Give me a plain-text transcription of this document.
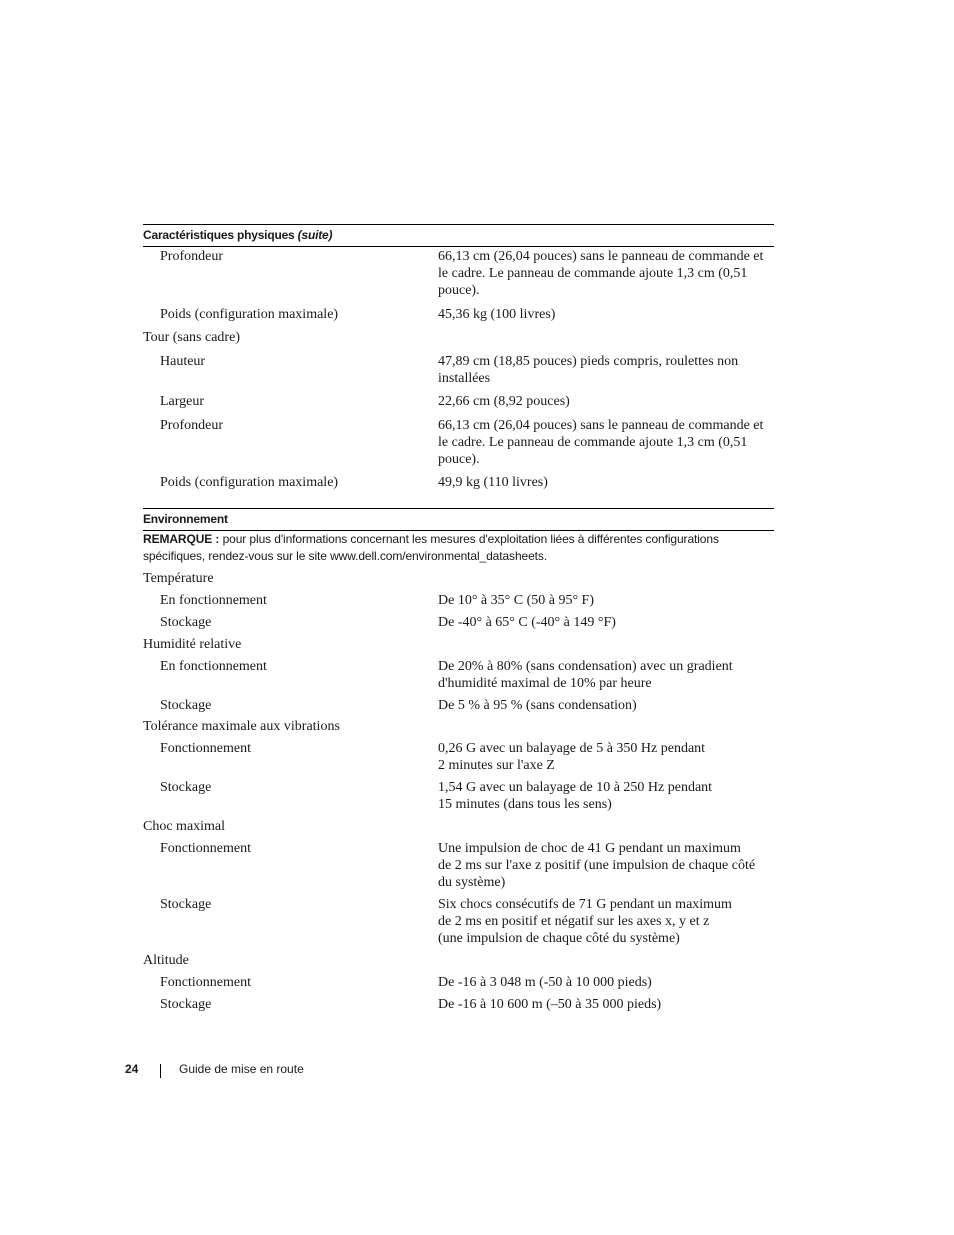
Caractéristiques physiques (suite)
Profondeur	66,13 cm (26,04 pouces) sans le panneau de commande et le cadre. Le panneau de commande ajoute 1,3 cm (0,51 pouce).
Poids (configuration maximale)	45,36 kg (100 livres)
Tour (sans cadre)
Hauteur	47,89 cm (18,85 pouces) pieds compris, roulettes non installées
Largeur	22,66 cm (8,92 pouces)
Profondeur	66,13 cm (26,04 pouces) sans le panneau de commande et le cadre. Le panneau de commande ajoute 1,3 cm (0,51 pouce).
Poids (configuration maximale)	49,9 kg (110 livres)
Environnement
REMARQUE : pour plus d'informations concernant les mesures d'exploitation liées à différentes configurations spécifiques, rendez-vous sur le site www.dell.com/environmental_datasheets.
Température
En fonctionnement	De 10° à 35° C (50 à 95° F)
Stockage	De -40° à 65° C (-40° à 149 °F)
Humidité relative
En fonctionnement	De 20% à 80% (sans condensation) avec un gradient d'humidité maximal de 10% par heure
Stockage	De 5 % à 95 % (sans condensation)
Tolérance maximale aux vibrations
Fonctionnement	0,26 G avec un balayage de 5 à 350 Hz pendant
2 minutes sur l'axe Z
Stockage	1,54 G avec un balayage de 10 à 250 Hz pendant
15 minutes (dans tous les sens)
Choc maximal
Fonctionnement	Une impulsion de choc de 41 G pendant un maximum
de 2 ms sur l'axe z positif (une impulsion de chaque côté
du système)
Stockage	Six chocs consécutifs de 71 G pendant un maximum
de 2 ms en positif et négatif sur les axes x, y et z
(une impulsion de chaque côté du système)
Altitude
Fonctionnement	De -16 à 3 048 m (-50 à 10 000 pieds)
Stockage	De -16 à 10 600 m (–50 à 35 000 pieds)
24	Guide de mise en route
